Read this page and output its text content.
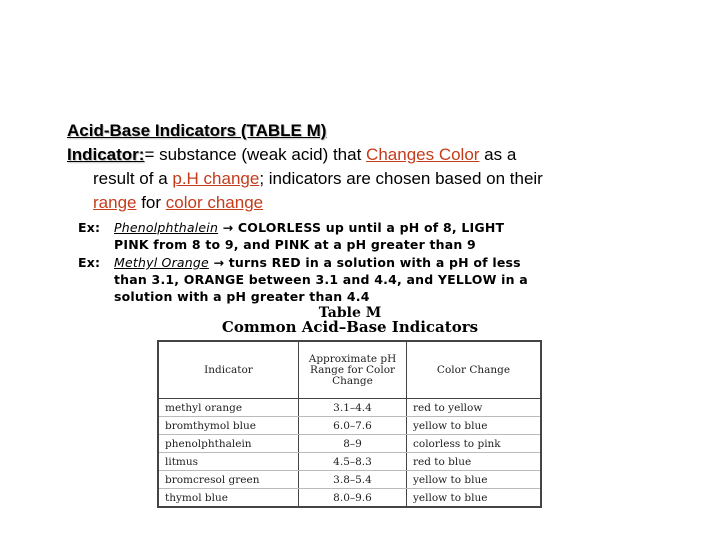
Acid-Base Indicators (TABLE M)
Indicator:= substance (weak acid) that Changes Color as a
result of a p.H change; indicators are chosen based on their
range for color change
Ex: Phenolphthalein → COLORLESS up until a pH of 8, LIGHT
PINK from 8 to 9, and PINK at a pH greater than 9
Ex: Methyl Orange → turns RED in a solution with a pH of less
than 3.1, ORANGE between 3.1 and 4.4, and YELLOW in a
solution with a pH greater than 4.4
Table M
Common Acid–Base Indicators
Indicator	Approximate pH Range for Color Change	Color Change
methyl orange	3.1–4.4	red to yellow
bromthymol blue	6.0–7.6	yellow to blue
phenolphthalein	8–9	colorless to pink
litmus	4.5–8.3	red to blue
bromcresol green	3.8–5.4	yellow to blue
thymol blue	8.0–9.6	yellow to blue
